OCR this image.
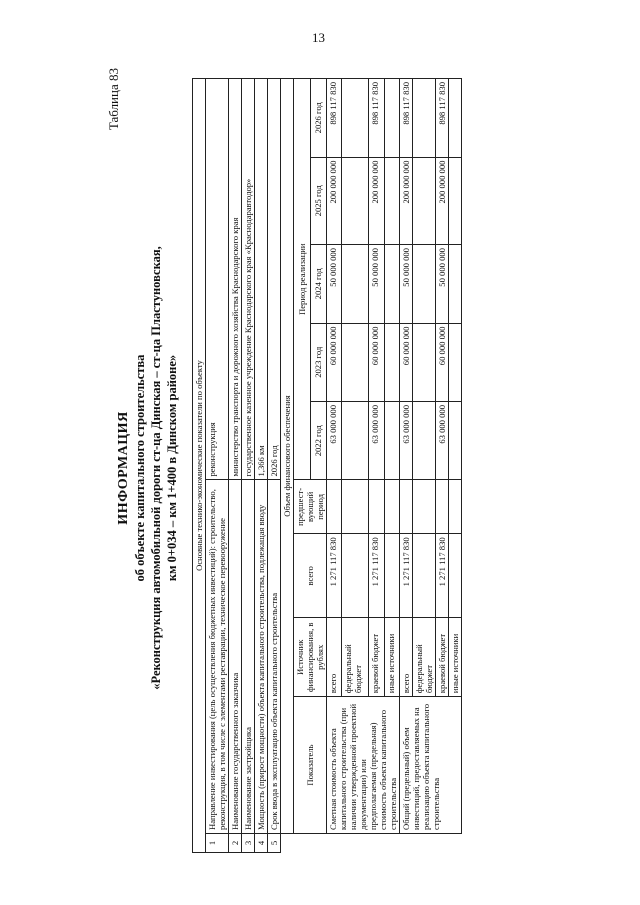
13
Таблица 83
ИНФОРМАЦИЯ об объекте капитального строительства «Реконструкция автомобильной дороги ст-ца Динская – ст-ца Пластуновская, км 0+034 – км 1+400 в Динском районе» Основные технико-экономические показатели по объекту									
1	Направление инвестирования (цель осуществления бюджетных инвестиций): строительство, реконструкция, в том числе с элементами реставрации, техническое перевооружение				реконструкция				
2	Наименование государственного заказчика				министерство транспорта и дорожного хозяйства Краснодарского края				
3	Наименование застройщика				государственное казенное учреждение Краснодарского края «Краснодаравтодор»				
4	Мощность (прирост мощности) объекта капитального строительства, подлежащая вводу				1,366 км				
5	Срок ввода в эксплуатацию объекта капитального строительства				2026 год				
	Объем финансового обеспечения								
	Показатель	Источник финансирования, в рублях	всего	предшест-вующий период	Период реализации				
					2022 год	2023 год	2024 год	2025 год	2026 год
	Сметная стоимость объекта капитального строительства (при наличии утвержденной проектной документации) или предполагаемая (предельная) стоимость объекта капитального строительства	всего	1 271 117 830		63 000 000	60 000 000	50 000 000	200 000 000	898 117 830
		федеральный бюджет							
		краевой бюджет	1 271 117 830		63 000 000	60 000 000	50 000 000	200 000 000	898 117 830
		иные источники							
	Общий (предельный) объем инвестиций, предоставляемых на реализацию объекта капитального строительства	всего	1 271 117 830		63 000 000	60 000 000	50 000 000	200 000 000	898 117 830
		федеральный бюджет							
		краевой бюджет	1 271 117 830		63 000 000	60 000 000	50 000 000	200 000 000	898 117 830
		иные источники							
